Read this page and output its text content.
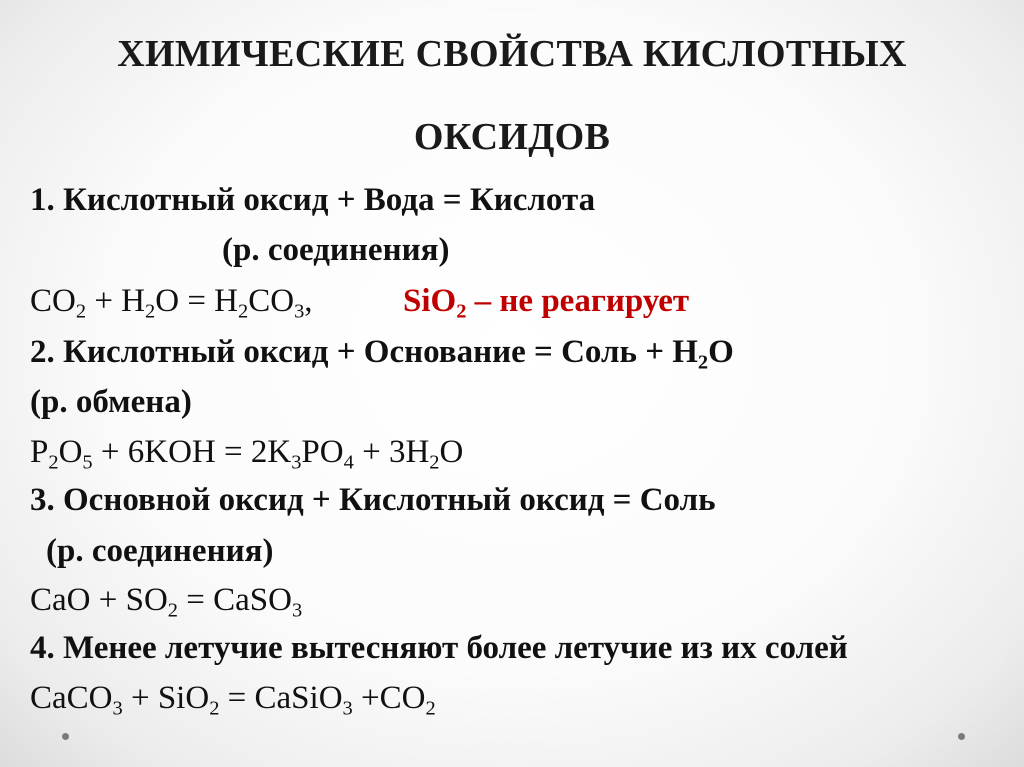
ХИМИЧЕСКИЕ СВОЙСТВА КИСЛОТНЫХ
ОКСИДОВ
1. Кислотный оксид + Вода = Кислота
(р. соединения)
$CO_2 + H_2O = H_2CO_3$,	SiO$_2$ – не реагирует
2. Кислотный оксид + Основание = Соль + $H_2O$
(р. обмена)
$P_2O_5 + 6KOH = 2K_3PO_4 + 3H_2O$
3. Основной оксид + Кислотный оксид = Соль
(р. соединения)
CaO + $SO_2$ = CaSO$_3$
4. Менее летучие вытесняют более летучие из их солей
CaCO$_3$ + SiO$_2$ = CaSiO$_3$ $+CO_2$
